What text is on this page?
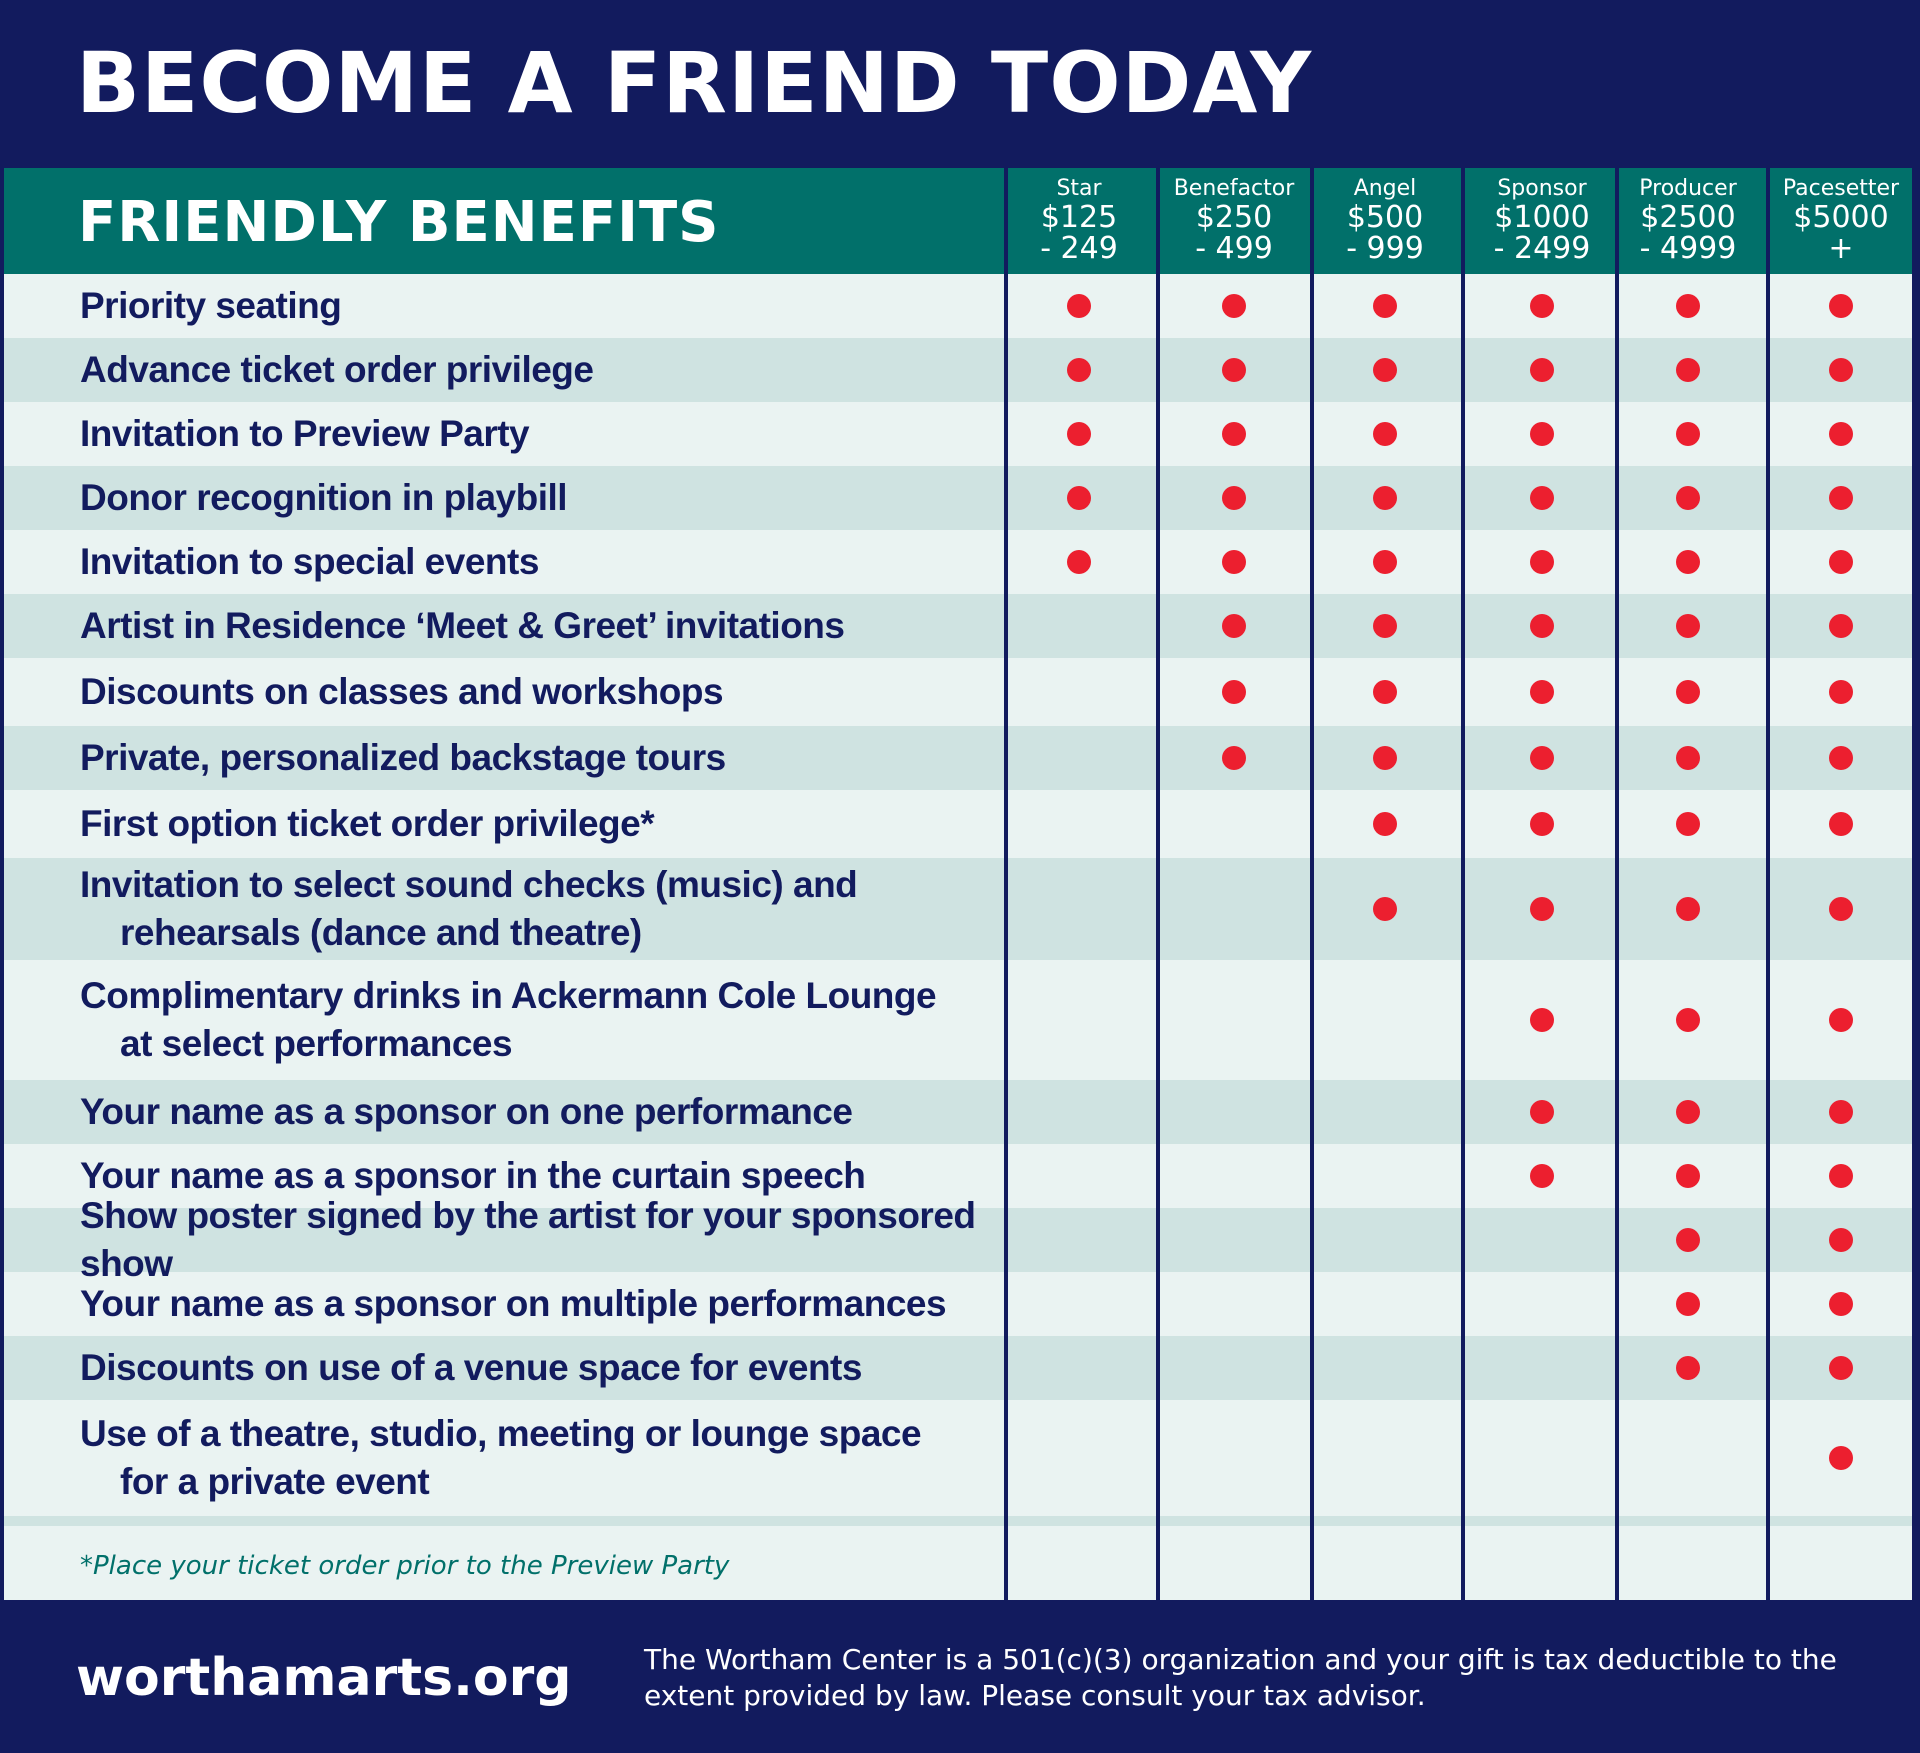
BECOME A FRIEND TODAY
FRIENDLY BENEFITS
Priority seating
Advance ticket order privilege
Invitation to Preview Party
Donor recognition in playbill
Invitation to special events
Artist in Residence ‘Meet & Greet’ invitations
Discounts on classes and workshops
Private, personalized backstage tours
First option ticket order privilege*
Invitation to select sound checks (music) and
rehearsals (dance and theatre)
Complimentary drinks in Ackermann Cole Lounge
at select performances
Your name as a sponsor on one performance
Your name as a sponsor in the curtain speech
Show poster signed by the artist for your sponsored show
Your name as a sponsor on multiple performances
Discounts on use of a venue space for events
Use of a theatre, studio, meeting or lounge space
for a private event
Star
$125
- 249
Benefactor
$250
- 499
Angel
$500
- 999
Sponsor
$1000
- 2499
Producer
$2500
- 4999
Pacesetter
$5000
+

*Place your ticket order prior to the Preview Party

worthamarts.org	The Wortham Center is a 501(c)(3) organization and your gift is tax deductible to the extent provided by law. Please consult your tax advisor.
